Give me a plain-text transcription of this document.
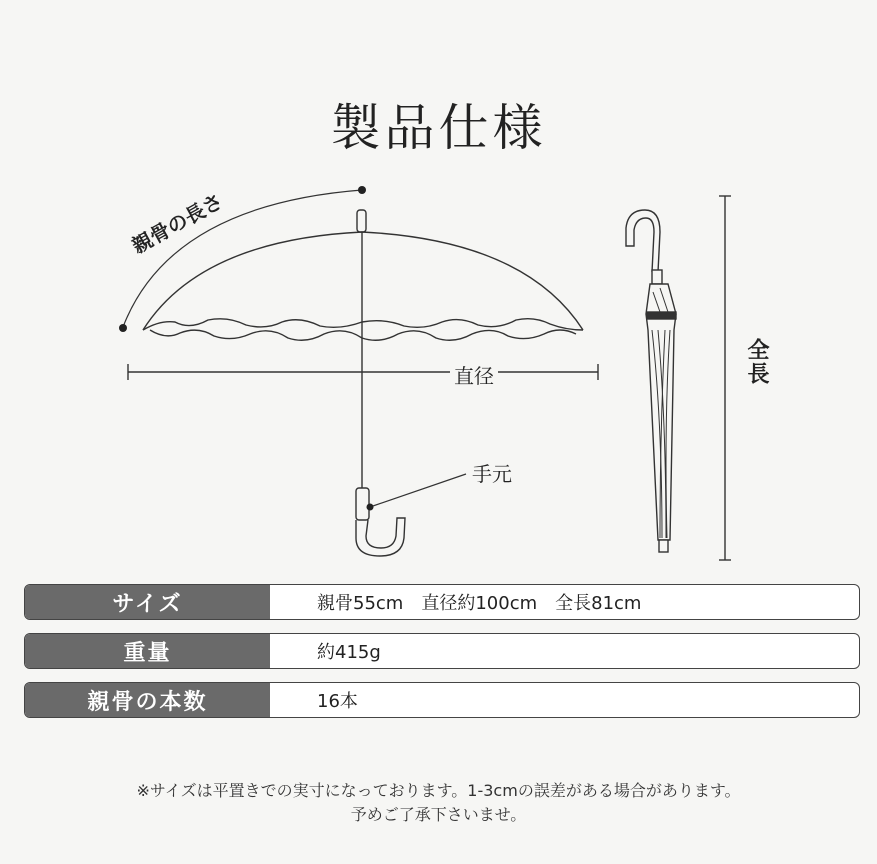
製品仕様
親骨の長さ
直径
手元
全長
サイズ	親骨55cm　直径約100cm　全長81cm
重量	約415g
親骨の本数	16本
※サイズは平置きでの実寸になっております。1-3cmの誤差がある場合があります。
予めご了承下さいませ。
